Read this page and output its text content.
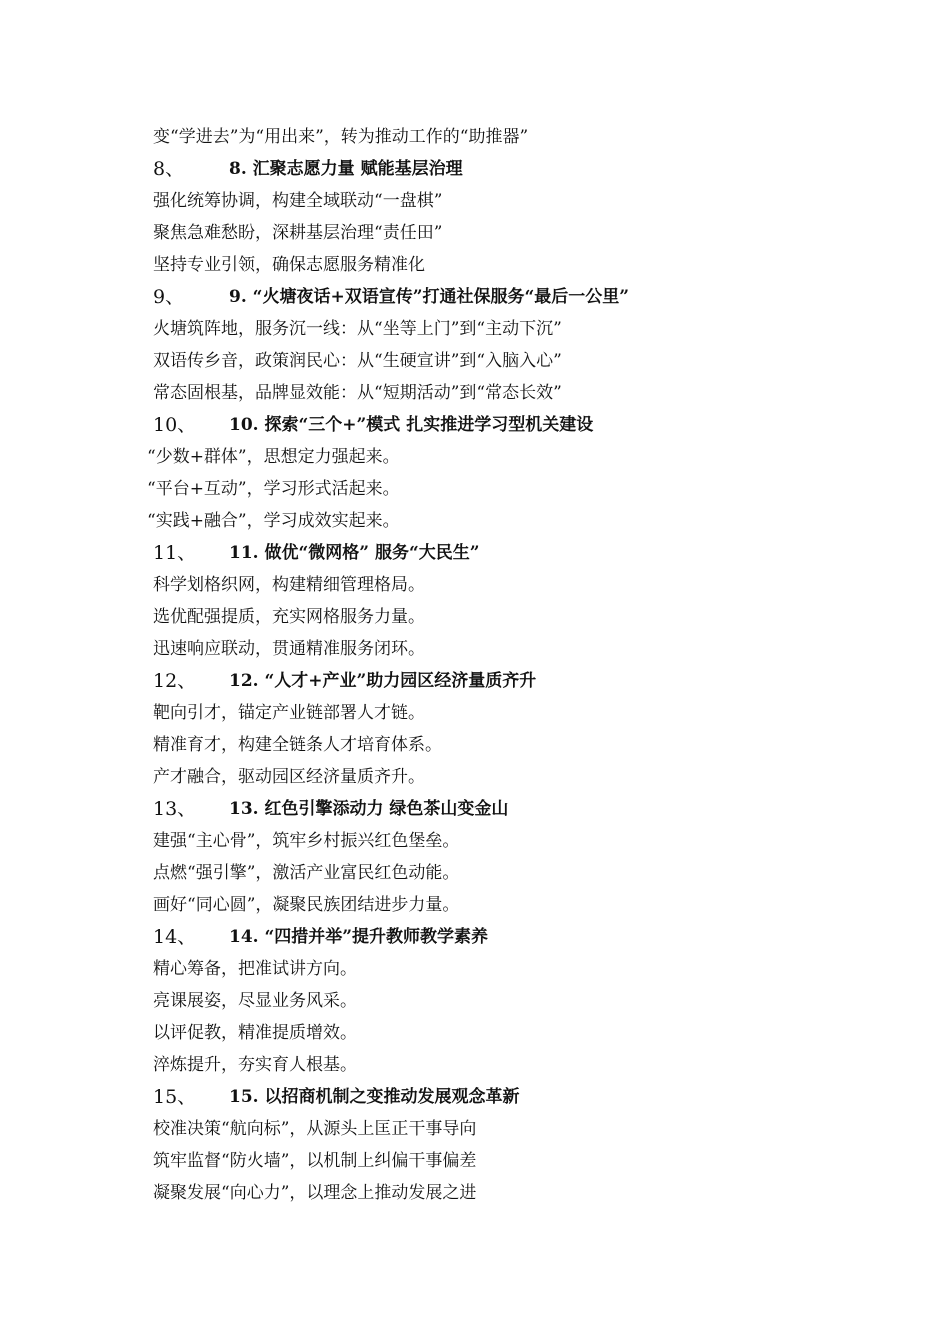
变“学进去”为“用出来”，转为推动工作的“助推器”
8、	8. 汇聚志愿力量 赋能基层治理
强化统筹协调，构建全域联动“一盘棋”
聚焦急难愁盼，深耕基层治理“责任田”
坚持专业引领，确保志愿服务精准化
9、	9. “火塘夜话+双语宣传”打通社保服务“最后一公里”
火塘筑阵地，服务沉一线：从“坐等上门”到“主动下沉”
双语传乡音，政策润民心：从“生硬宣讲”到“入脑入心”
常态固根基，品牌显效能：从“短期活动”到“常态长效”
10、 10. 探索“三个+”模式 扎实推进学习型机关建设
“少数+群体”，思想定力强起来。
“平台+互动”，学习形式活起来。
“实践+融合”，学习成效实起来。
11、 11. 做优“微网格” 服务“大民生”
科学划格织网，构建精细管理格局。
选优配强提质，充实网格服务力量。
迅速响应联动，贯通精准服务闭环。
12、 12. “人才+产业”助力园区经济量质齐升
靶向引才，锚定产业链部署人才链。
精准育才，构建全链条人才培育体系。
产才融合，驱动园区经济量质齐升。
13、 13. 红色引擎添动力 绿色茶山变金山
建强“主心骨”，筑牢乡村振兴红色堡垒。
点燃“强引擎”，激活产业富民红色动能。
画好“同心圆”，凝聚民族团结进步力量。
14、 14. “四措并举”提升教师教学素养
精心筹备，把准试讲方向。
亮课展姿，尽显业务风采。
以评促教，精准提质增效。
淬炼提升，夯实育人根基。
15、 15. 以招商机制之变推动发展观念革新
校准决策“航向标”，从源头上匡正干事导向
筑牢监督“防火墙”，以机制上纠偏干事偏差
凝聚发展“向心力”，以理念上推动发展之进
